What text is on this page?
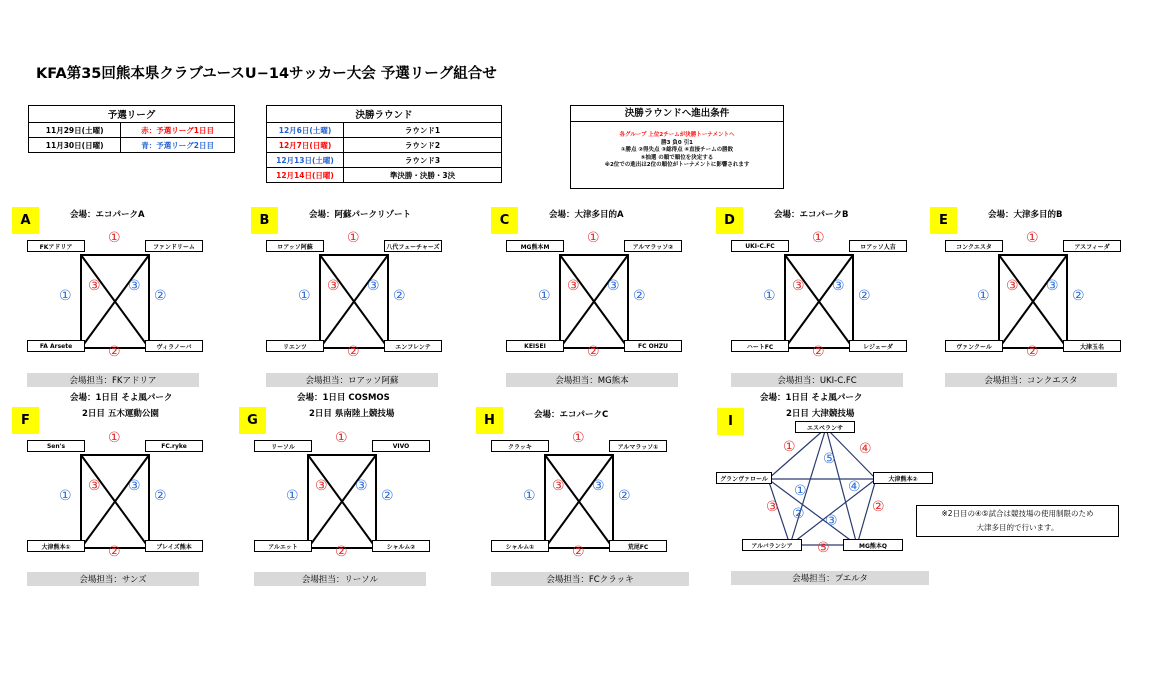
KFA第35回熊本県クラブユースU−14サッカー大会 予選リーグ組合せ
予選リーグ	
11月29日(土曜)	赤：予選リーグ1日目
11月30日(日曜)	青：予選リーグ2日目
決勝ラウンド	
12月6日(土曜)	ラウンド1
12月7日(日曜)	ラウンド2
12月13日(土曜)	ラウンド3
12月14日(日曜)	準決勝・決勝・3決
決勝ラウンドへ進出条件
各グループ 上位2チームが決勝トーナメントへ
勝3 負0 引1
①勝点 ②得失点 ③総得点 ④直接チームの勝敗
⑤抽選 の順で順位を決定する
※2位での進出は2位の順位がトーナメントに影響されます
A	会場：エコパークA
FKアドリア	ファンドリーム
FA Arsete	ヴィラノーバ
①
②
①	②
③ ③
会場担当：FKアドリア
B	会場：阿蘇パークリゾート
ロアッソ阿蘇	八代フューチャーズ
リエンツ	エンフレンテ
①
②
①	②
③ ③
会場担当：ロアッソ阿蘇
C	会場：大津多目的A
MG熊本M	アルマラッソ②
KEISEI	FC OHZU
①
②
①	②
③ ③
会場担当：MG熊本
D	会場：エコパークB
UKI-C.FC	ロアッソ人吉
ハートFC	レジェーダ
①
②
①	②
③ ③
会場担当：UKI-C.FC
E	会場：大津多目的B
コンクエスタ	アスフィーダ
ヴァンクール	大津玉名
①
②
①	②
③ ③
会場担当：コンクエスタ
F
会場：1日目 そよ風パーク
2日目 五木運動公園
Sen's	FC.ryke
大津熊本①	ブレイズ熊本
①
②
①	②
③ ③
会場担当：サンズ
G
会場：1日目 COSMOS
2日目 県南陸上競技場
リーソル	VIVO
アルエット	シャルム②
①
②
①	②
③ ③
会場担当：リーソル
H	会場：エコパークC
クラッキ	アルマラッソ①
シャルム①	荒尾FC
①
②
①	②
③ ③
会場担当：FCクラッキ
I
会場：1日目 そよ風パーク
2日目 大津競技場
エスペランサ
大津熊本②
MG熊本Q
アルバランシア
グランヴァロール
①	④
②
③
⑤
⑤
①	④
② ③
会場担当：プエルタ
※2日目の④⑤試合は競技場の使用制限のため
大津多目的で行います。
